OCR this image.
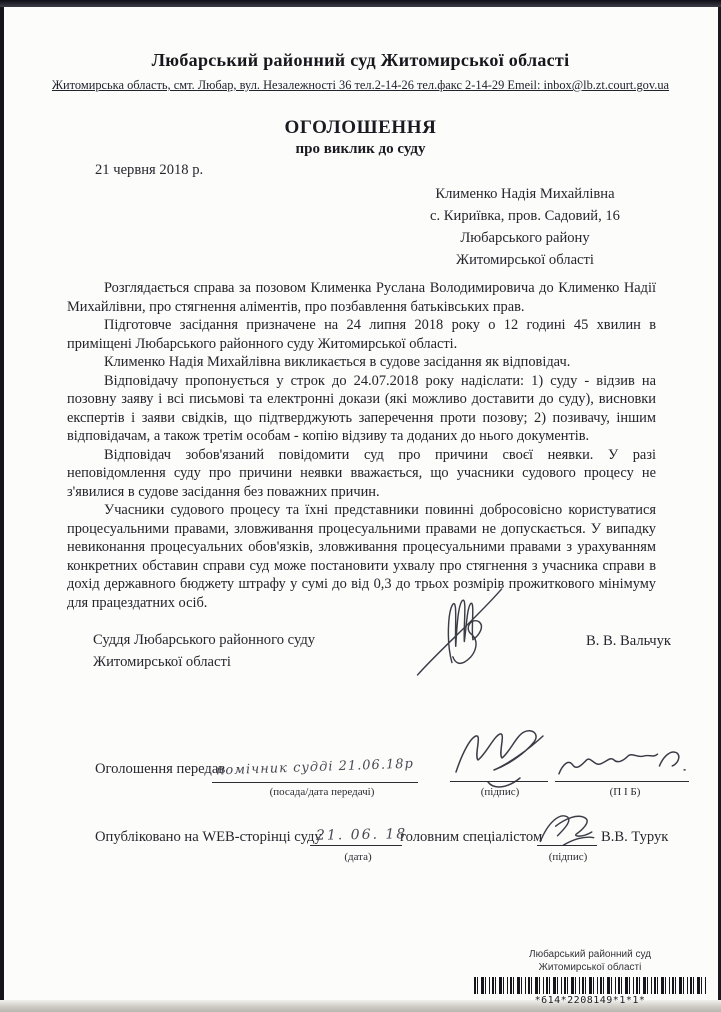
Любарський районний суд Житомирської області
Житомирська область, смт. Любар, вул. Незалежності 36 тел.2-14-26 тел.факс 2-14-29 Emeil: inbox@lb.zt.court.gov.ua
ОГОЛОШЕННЯ
про виклик до суду
21 червня 2018 р.
Клименко Надія Михайлівна
с. Кириївка, пров. Садовий, 16
Любарського району
Житомирської області

Розглядається справа за позовом Клименка Руслана Володимировича до Клименко Надії Михайлівни, про стягнення аліментів, про позбавлення батьківських прав.

Підготовче засідання призначене на 24 липня 2018 року о 12 годині 45 хвилин в приміщені Любарського районного суду Житомирської області.

Клименко Надія Михайлівна викликається в судове засідання як відповідач.

Відповідачу пропонується у строк до 24.07.2018 року надіслати: 1) суду - відзив на позовну заяву і всі письмові та електронні докази (які можливо доставити до суду), висновки експертів і заяви свідків, що підтверджують заперечення проти позову; 2) позивачу, іншим відповідачам, а також третім особам - копію відзиву та доданих до нього документів.

Відповідач зобов'язаний повідомити суд про причини своєї неявки. У разі неповідомлення суду про причини неявки вважається, що учасники судового процесу не з'явилися в судове засідання без поважних причин.

Учасники судового процесу та їхні представники повинні добросовісно користуватися процесуальними правами, зловживання процесуальними правами не допускається. У випадку невиконання процесуальних обов'язків, зловживання процесуальними правами з урахуванням конкретних обставин справи суд може постановити ухвалу про стягнення з учасника справи в дохід державного бюджету штрафу у сумі до від 0,3 до трьох розмірів прожиткового мінімуму для працездатних осіб.

Суддя Любарського районного суду
Житомирської області
В. В. Вальчук
Оголошення передав
помічник судді 21.06.18р
(посада/дата передачі)	(підпис)	(П І Б)
Опубліковано на WEB-сторінці суду
21. 06. 18
головним спеціалістом	В.В. Турук
(дата)	(підпис)
Любарський районний суд
Житомирської області
*614*2208149*1*1*
